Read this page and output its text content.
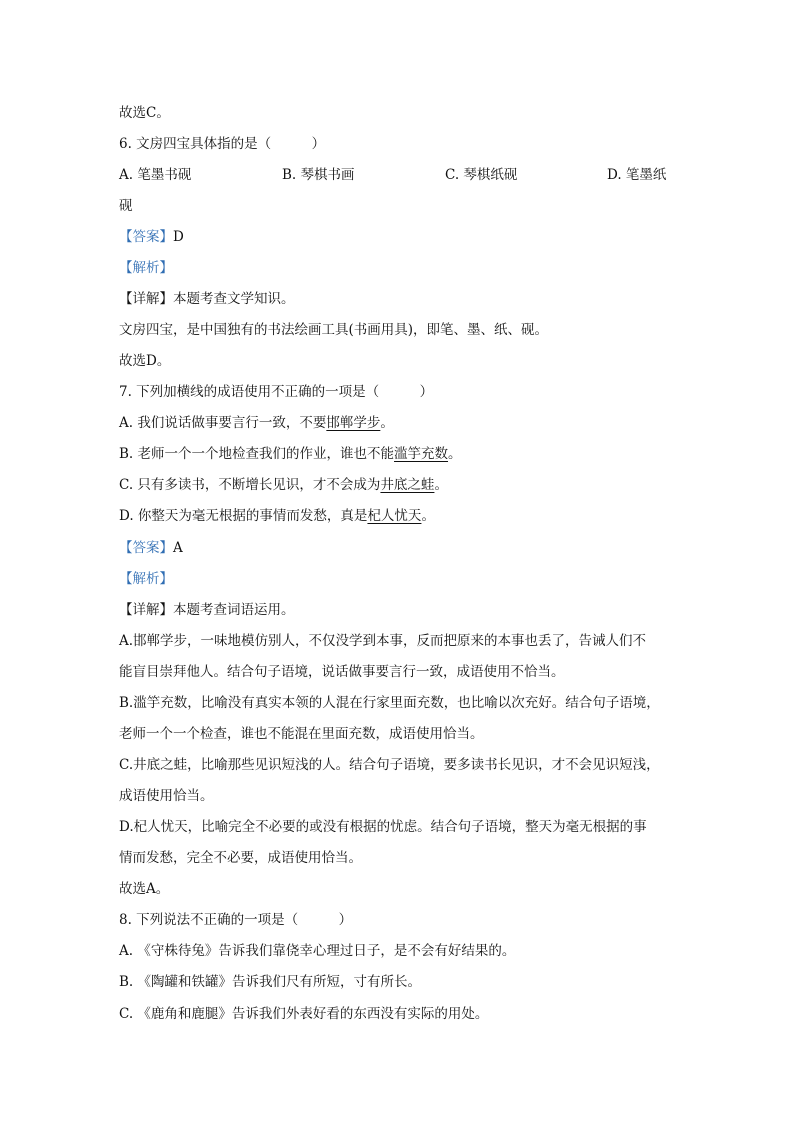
故选C。
6. 文房四宝具体指的是（　　　）
A. 笔墨书砚	B. 琴棋书画	C. 琴棋纸砚	D. 笔墨纸
砚
【答案】D
【解析】
【详解】本题考查文学知识。
文房四宝，是中国独有的书法绘画工具(书画用具)，即笔、墨、纸、砚。
故选D。
7. 下列加横线的成语使用不正确的一项是（　　　）
A. 我们说话做事要言行一致，不要邯郸学步。
B. 老师一个一个地检查我们的作业，谁也不能滥竽充数。
C. 只有多读书，不断增长见识，才不会成为井底之蛙。
D. 你整天为毫无根据的事情而发愁，真是杞人忧天。
【答案】A
【解析】
【详解】本题考查词语运用。
A.邯郸学步，一味地模仿别人，不仅没学到本事，反而把原来的本事也丢了，告诫人们不
能盲目崇拜他人。结合句子语境，说话做事要言行一致，成语使用不恰当。
B.滥竽充数，比喻没有真实本领的人混在行家里面充数，也比喻以次充好。结合句子语境，
老师一个一个检查，谁也不能混在里面充数，成语使用恰当。
C.井底之蛙，比喻那些见识短浅的人。结合句子语境，要多读书长见识，才不会见识短浅，
成语使用恰当。
D.杞人忧天，比喻完全不必要的或没有根据的忧虑。结合句子语境，整天为毫无根据的事
情而发愁，完全不必要，成语使用恰当。
故选A。
8. 下列说法不正确的一项是（　　　）
A. 《守株待兔》告诉我们靠侥幸心理过日子，是不会有好结果的。
B. 《陶罐和铁罐》告诉我们尺有所短，寸有所长。
C. 《鹿角和鹿腿》告诉我们外表好看的东西没有实际的用处。
